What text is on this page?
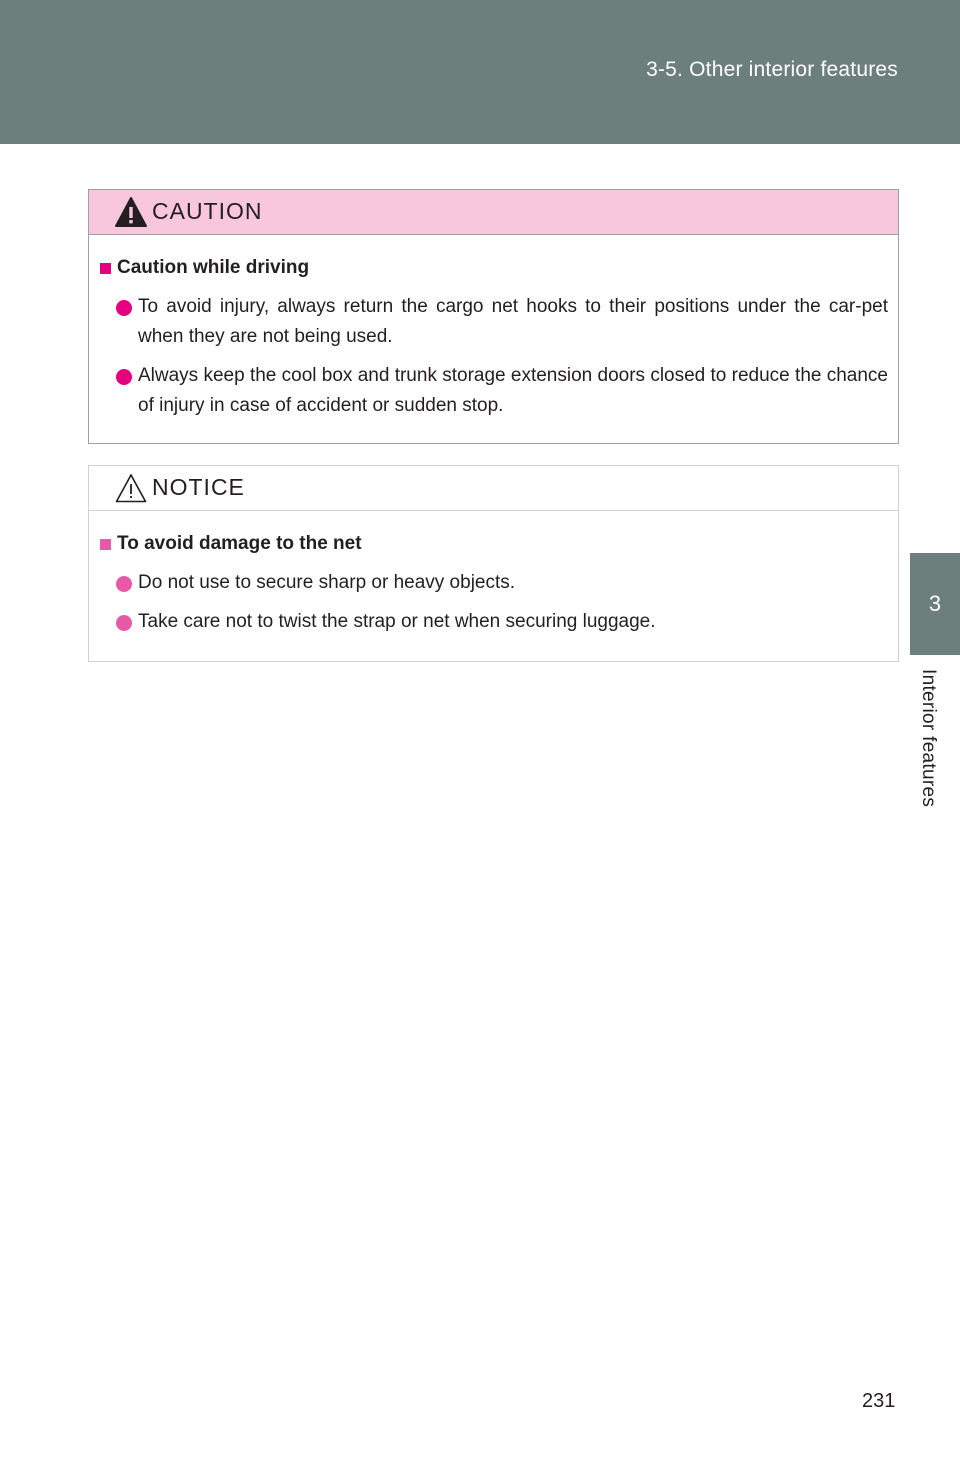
3-5. Other interior features
3
Interior features
CAUTION
Caution while driving
To avoid injury, always return the cargo net hooks to their positions under the car-pet when they are not being used.
Always keep the cool box and trunk storage extension doors closed to reduce the chance of injury in case of accident or sudden stop.
NOTICE
To avoid damage to the net
Do not use to secure sharp or heavy objects.
Take care not to twist the strap or net when securing luggage.
231
